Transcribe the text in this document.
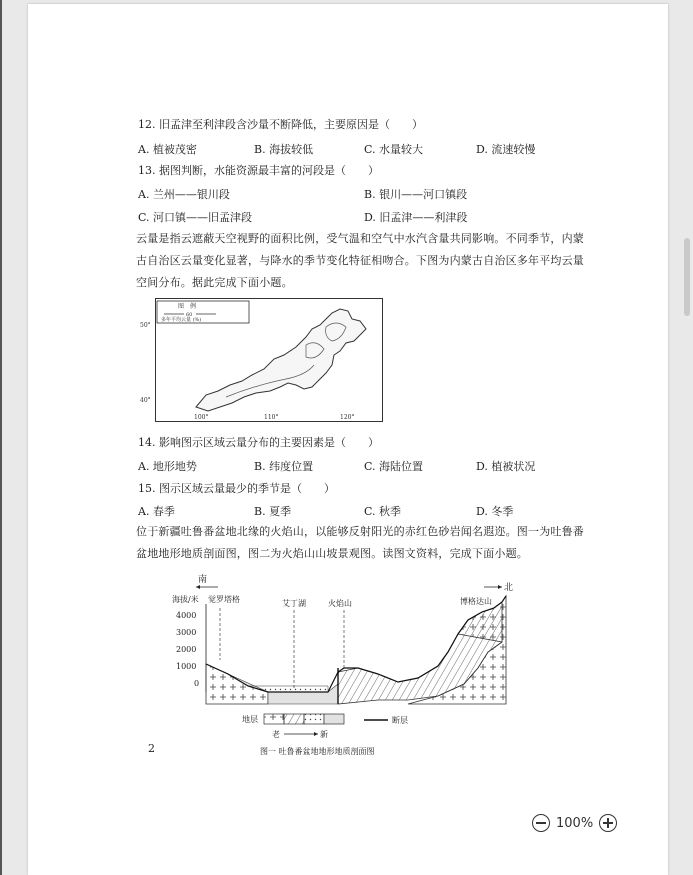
12. 旧孟津至利津段含沙量不断降低，主要原因是（　　）
A. 植被茂密	B. 海拔较低	C. 水量较大	D. 流速较慢
13. 据图判断，水能资源最丰富的河段是（　　）
A. 兰州——银川段	B. 银川——河口镇段
C. 河口镇——旧孟津段	D. 旧孟津——利津段
云量是指云遮蔽天空视野的面积比例，受气温和空气中水汽含量共同影响。不同季节，内蒙
古自治区云量变化显著，与降水的季节变化特征相吻合。下图为内蒙古自治区多年平均云量
空间分布。据此完成下面小题。
图　例
60
多年平均云量 (%)
50°
40°
100°	110°	120°
14. 影响图示区域云量分布的主要因素是（　　）
A. 地形地势	B. 纬度位置	C. 海陆位置	D. 植被状况
15. 图示区域云量最少的季节是（　　）
A. 春季	B. 夏季	C. 秋季	D. 冬季
位于新疆吐鲁番盆地北缘的火焰山，以能够反射阳光的赤红色砂岩闻名遐迩。图一为吐鲁番
盆地地形地质剖面图，图二为火焰山山坡景观图。读图文资料，完成下面小题。
南
北
海拔/米
4000
3000
2000
1000
0
觉罗塔格	艾丁湖	火焰山	博格达山
地层
老	新
断层
图一 吐鲁番盆地地形地质剖面图
2
100%
